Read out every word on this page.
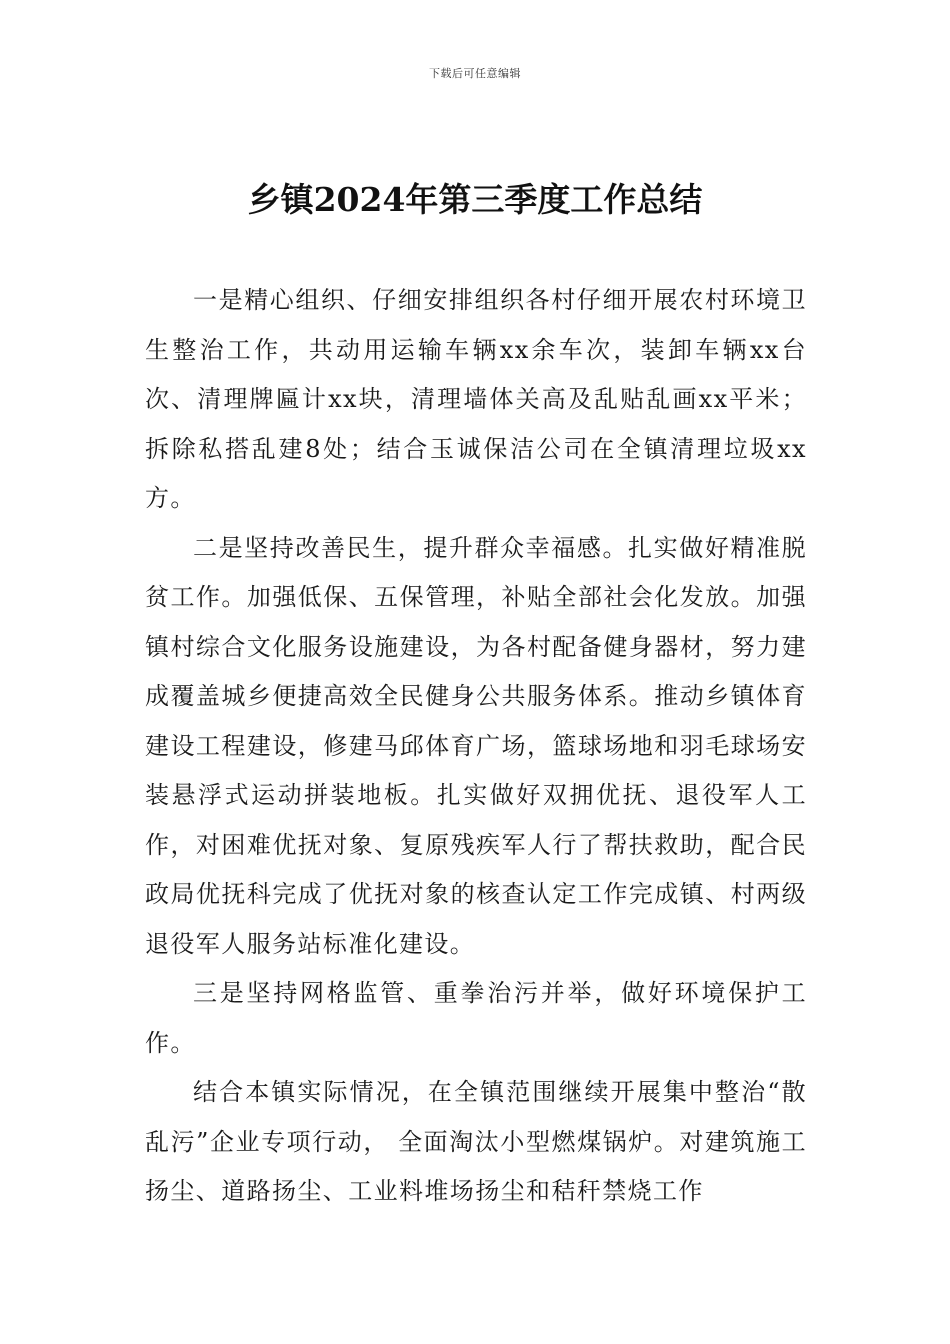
下载后可任意编辑
乡镇2024年第三季度工作总结

一是精心组织、仔细安排组织各村仔细开展农村环境卫生整治工作，共动用运输车辆xx余车次，装卸车辆xx台次、清理牌匾计xx块，清理墙体关高及乱贴乱画xx平米；拆除私搭乱建8处；结合玉诚保洁公司在全镇清理垃圾xx方。

二是坚持改善民生，提升群众幸福感。扎实做好精准脱贫工作。加强低保、五保管理，补贴全部社会化发放。加强镇村综合文化服务设施建设，为各村配备健身器材，努力建成覆盖城乡便捷高效全民健身公共服务体系。推动乡镇体育建设工程建设，修建马邱体育广场，篮球场地和羽毛球场安装悬浮式运动拼装地板。扎实做好双拥优抚、退役军人工作，对困难优抚对象、复原残疾军人行了帮扶救助，配合民政局优抚科完成了优抚对象的核查认定工作完成镇、村两级退役军人服务站标准化建设。

三是坚持网格监管、重拳治污并举，做好环境保护工作。

结合本镇实际情况，在全镇范围继续开展集中整治“散乱污”企业专项行动， 全面淘汰小型燃煤锅炉。对建筑施工扬尘、道路扬尘、工业料堆场扬尘和秸秆禁烧工作
